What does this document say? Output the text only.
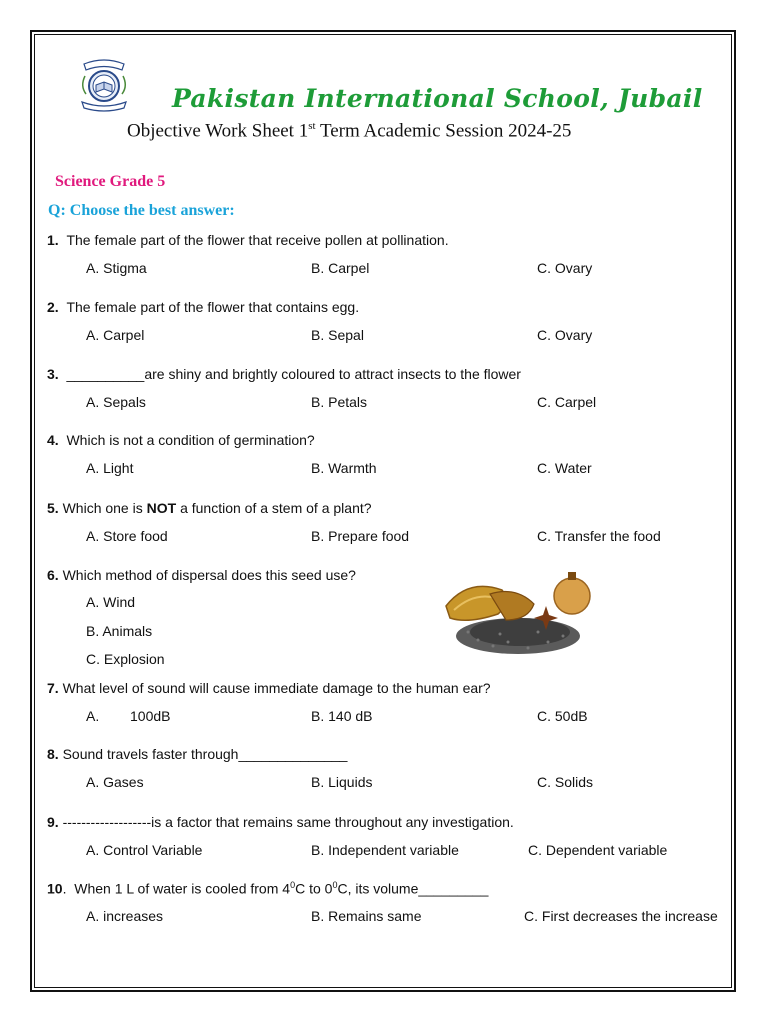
Pakistan International School, Jubail
Objective Work Sheet 1st Term Academic Session 2024-25
Science Grade 5
Q: Choose the best answer:
1. The female part of the flower that receive pollen at pollination.
A. Stigma	B. Carpel	C. Ovary
2. The female part of the flower that contains egg.
A. Carpel	B. Sepal	C. Ovary
3. __________are shiny and brightly coloured to attract insects to the flower
A. Sepals	B. Petals	C. Carpel
4. Which is not a condition of germination?
A. Light	B. Warmth	C. Water
5. Which one is NOT a function of a stem of a plant?
A. Store food	B. Prepare food	C. Transfer the food
6. Which method of dispersal does this seed use?
A. Wind
B. Animals
C. Explosion
7. What level of sound will cause immediate damage to the human ear?
A. 100dB	B. 140 dB	C. 50dB
8. Sound travels faster through______________
A. Gases	B. Liquids	C. Solids
9. -------------------is a factor that remains same throughout any investigation.
A. Control Variable	B. Independent variable	C. Dependent variable
10. When 1 L of water is cooled from $4^0C$ to $0^0C$, its volume_________
A. increases	B. Remains same	C. First decreases the increase
